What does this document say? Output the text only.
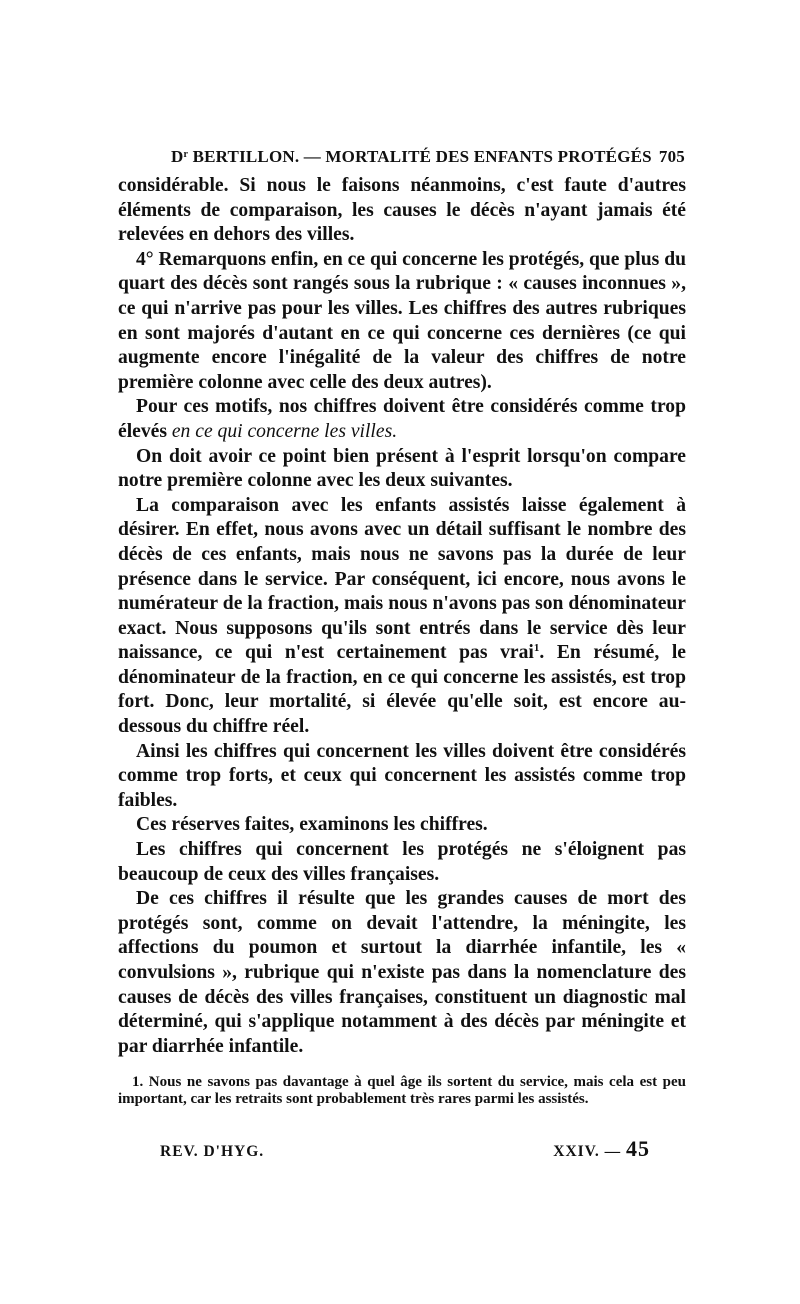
$D^r$ BERTILLON. — MORTALITÉ DES ENFANTS PROTÉGÉS 705

considérable. Si nous le faisons néanmoins, c'est faute d'autres éléments de comparaison, les causes le décès n'ayant jamais été relevées en dehors des villes.

4° Remarquons enfin, en ce qui concerne les protégés, que plus du quart des décès sont rangés sous la rubrique : « causes inconnues », ce qui n'arrive pas pour les villes. Les chiffres des autres rubriques en sont majorés d'autant en ce qui concerne ces dernières (ce qui augmente encore l'inégalité de la valeur des chiffres de notre première colonne avec celle des deux autres).

Pour ces motifs, nos chiffres doivent être considérés comme trop élevés en ce qui concerne les villes.

On doit avoir ce point bien présent à l'esprit lorsqu'on compare notre première colonne avec les deux suivantes.

La comparaison avec les enfants assistés laisse également à désirer. En effet, nous avons avec un détail suffisant le nombre des décès de ces enfants, mais nous ne savons pas la durée de leur présence dans le service. Par conséquent, ici encore, nous avons le numérateur de la fraction, mais nous n'avons pas son dénominateur exact. Nous supposons qu'ils sont entrés dans le service dès leur naissance, ce qui n'est certainement pas vrai$^1$. En résumé, le dénominateur de la fraction, en ce qui concerne les assistés, est trop fort. Donc, leur mortalité, si élevée qu'elle soit, est encore au-dessous du chiffre réel.

Ainsi les chiffres qui concernent les villes doivent être considérés comme trop forts, et ceux qui concernent les assistés comme trop faibles.

Ces réserves faites, examinons les chiffres.

Les chiffres qui concernent les protégés ne s'éloignent pas beaucoup de ceux des villes françaises.

De ces chiffres il résulte que les grandes causes de mort des protégés sont, comme on devait l'attendre, la méningite, les affections du poumon et surtout la diarrhée infantile, les « convulsions », rubrique qui n'existe pas dans la nomenclature des causes de décès des villes françaises, constituent un diagnostic mal déterminé, qui s'applique notamment à des décès par méningite et par diarrhée infantile.

1. Nous ne savons pas davantage à quel âge ils sortent du service, mais cela est peu important, car les retraits sont probablement très rares parmi les assistés.

REV. D'HYG.	XXIV. — 45
